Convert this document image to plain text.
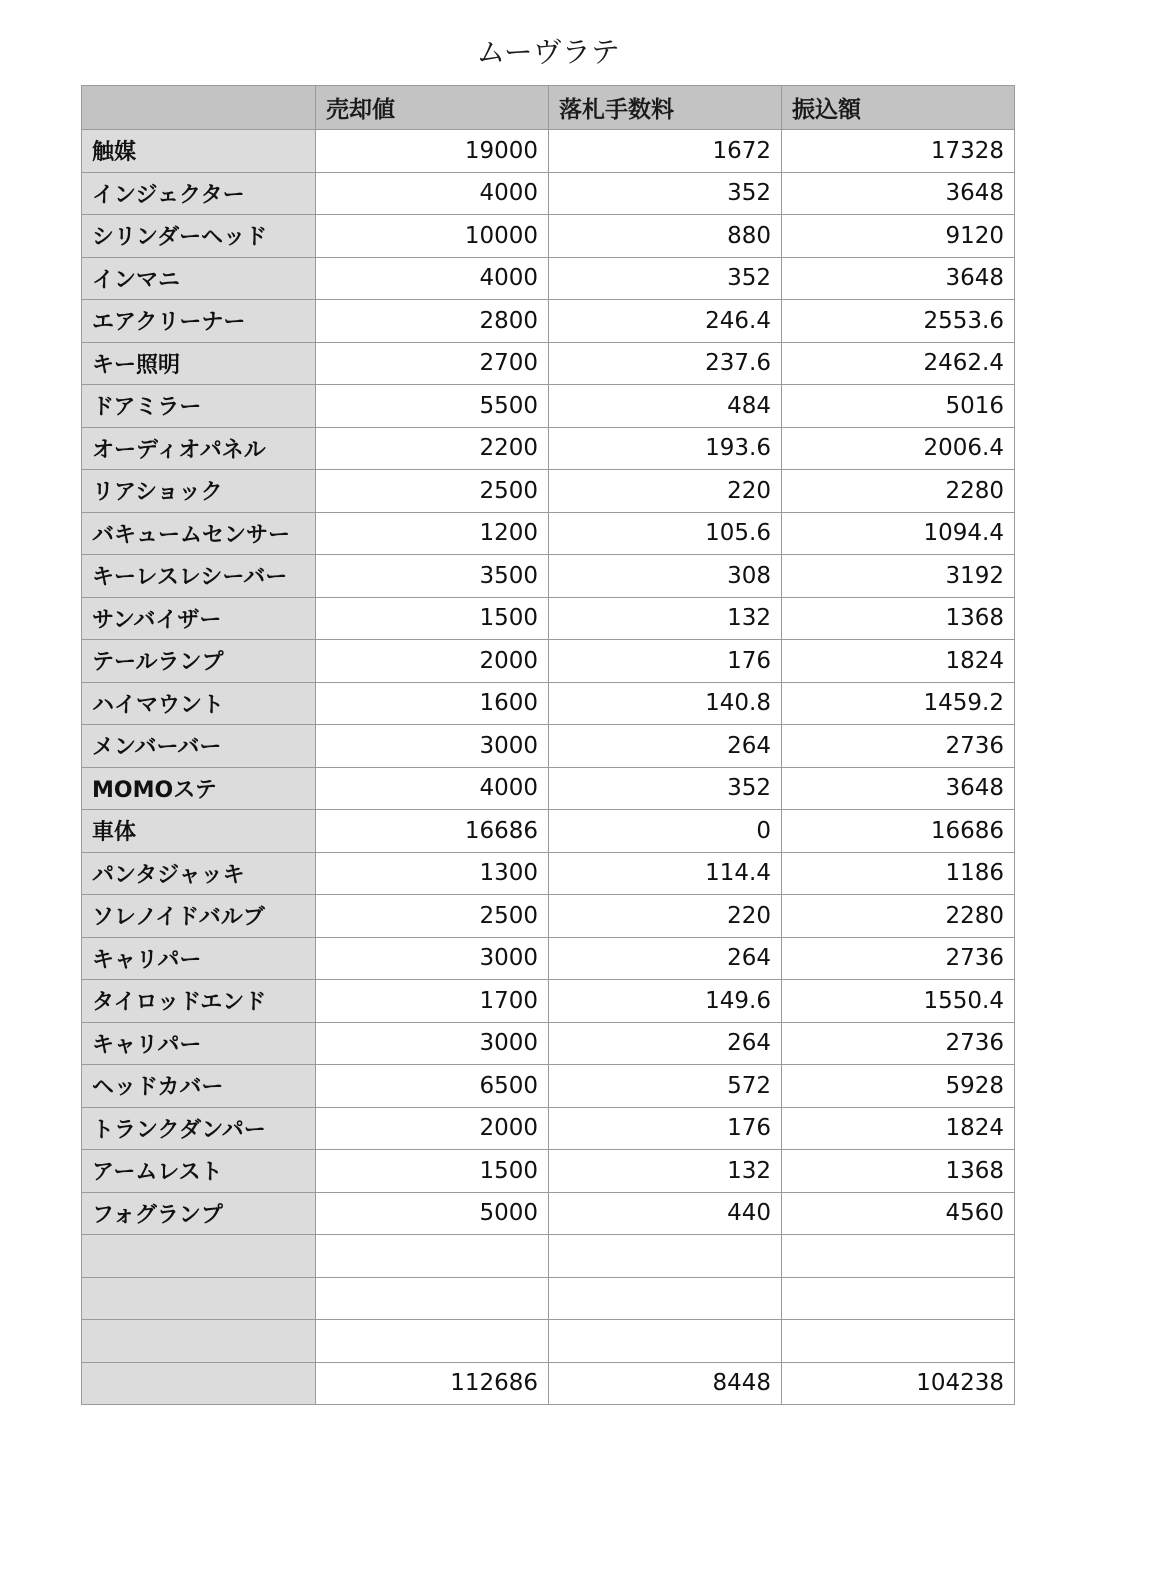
ムーヴラテ
	売却値	落札手数料	振込額
触媒	19000	1672	17328
インジェクター	4000	352	3648
シリンダーヘッド	10000	880	9120
インマニ	4000	352	3648
エアクリーナー	2800	246.4	2553.6
キー照明	2700	237.6	2462.4
ドアミラー	5500	484	5016
オーディオパネル	2200	193.6	2006.4
リアショック	2500	220	2280
バキュームセンサー	1200	105.6	1094.4
キーレスレシーバー	3500	308	3192
サンバイザー	1500	132	1368
テールランプ	2000	176	1824
ハイマウント	1600	140.8	1459.2
メンバーバー	3000	264	2736
MOMOステ	4000	352	3648
車体	16686	0	16686
パンタジャッキ	1300	114.4	1186
ソレノイドバルブ	2500	220	2280
キャリパー	3000	264	2736
タイロッドエンド	1700	149.6	1550.4
キャリパー	3000	264	2736
ヘッドカバー	6500	572	5928
トランクダンパー	2000	176	1824
アームレスト	1500	132	1368
フォグランプ	5000	440	4560

	112686	8448	104238
